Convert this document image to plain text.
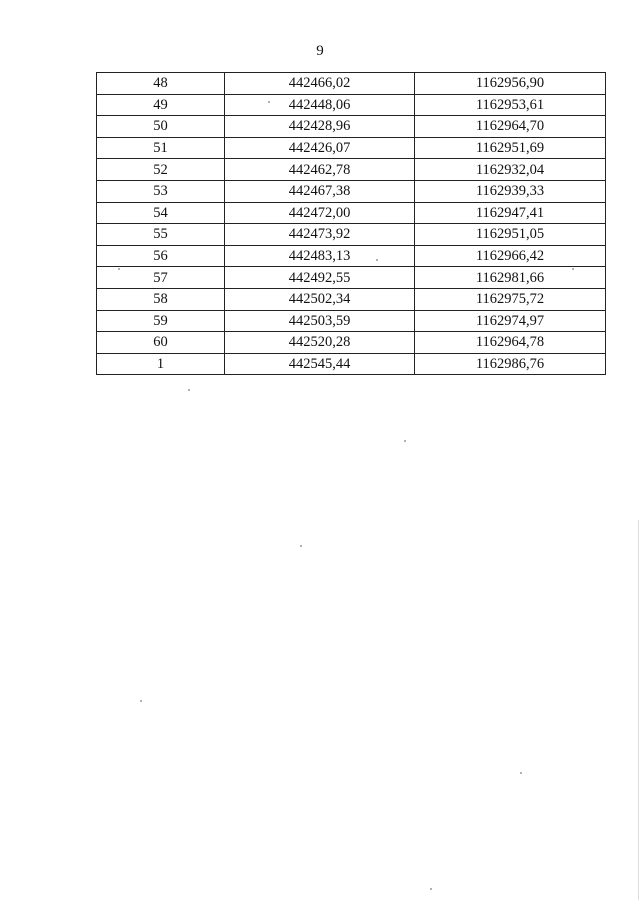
9
48	442466,02	1162956,90
49	442448,06	1162953,61
50	442428,96	1162964,70
51	442426,07	1162951,69
52	442462,78	1162932,04
53	442467,38	1162939,33
54	442472,00	1162947,41
55	442473,92	1162951,05
56	442483,13	1162966,42
57	442492,55	1162981,66
58	442502,34	1162975,72
59	442503,59	1162974,97
60	442520,28	1162964,78
1	442545,44	1162986,76
